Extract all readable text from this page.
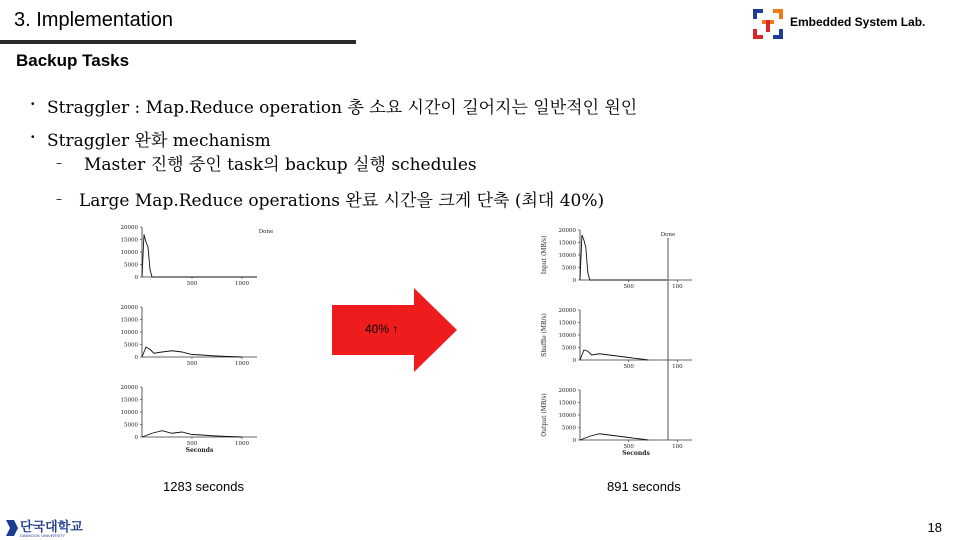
3. Implementation	Embedded System Lab.
Backup Tasks
• Straggler : Map.Reduce operation 총 소요 시간이 길어지는 일반적인 원인
• Straggler 완화 mechanism
– Master 진행 중인 task의 backup 실행 schedules
– Large Map.Reduce operations 완료 시간을 크게 단축 (최대 40%)
20000
15000
10000
5000
0
500	1000
Done
20000
15000
10000
5000
0
500	1000
20000
15000
10000
5000
0
500	1000
Seconds
20000
15000
10000
5000
0
500	100
Done
Input (MB/s)
20000
15000
10000
5000
0
500	100
Shuffle (MB/s)
20000
15000
10000
5000
0
500	100
Output (MB/s)
Seconds
40% ↑
1283 seconds	891 seconds
단국대학교
DANKOOK UNIVERSITY
18
